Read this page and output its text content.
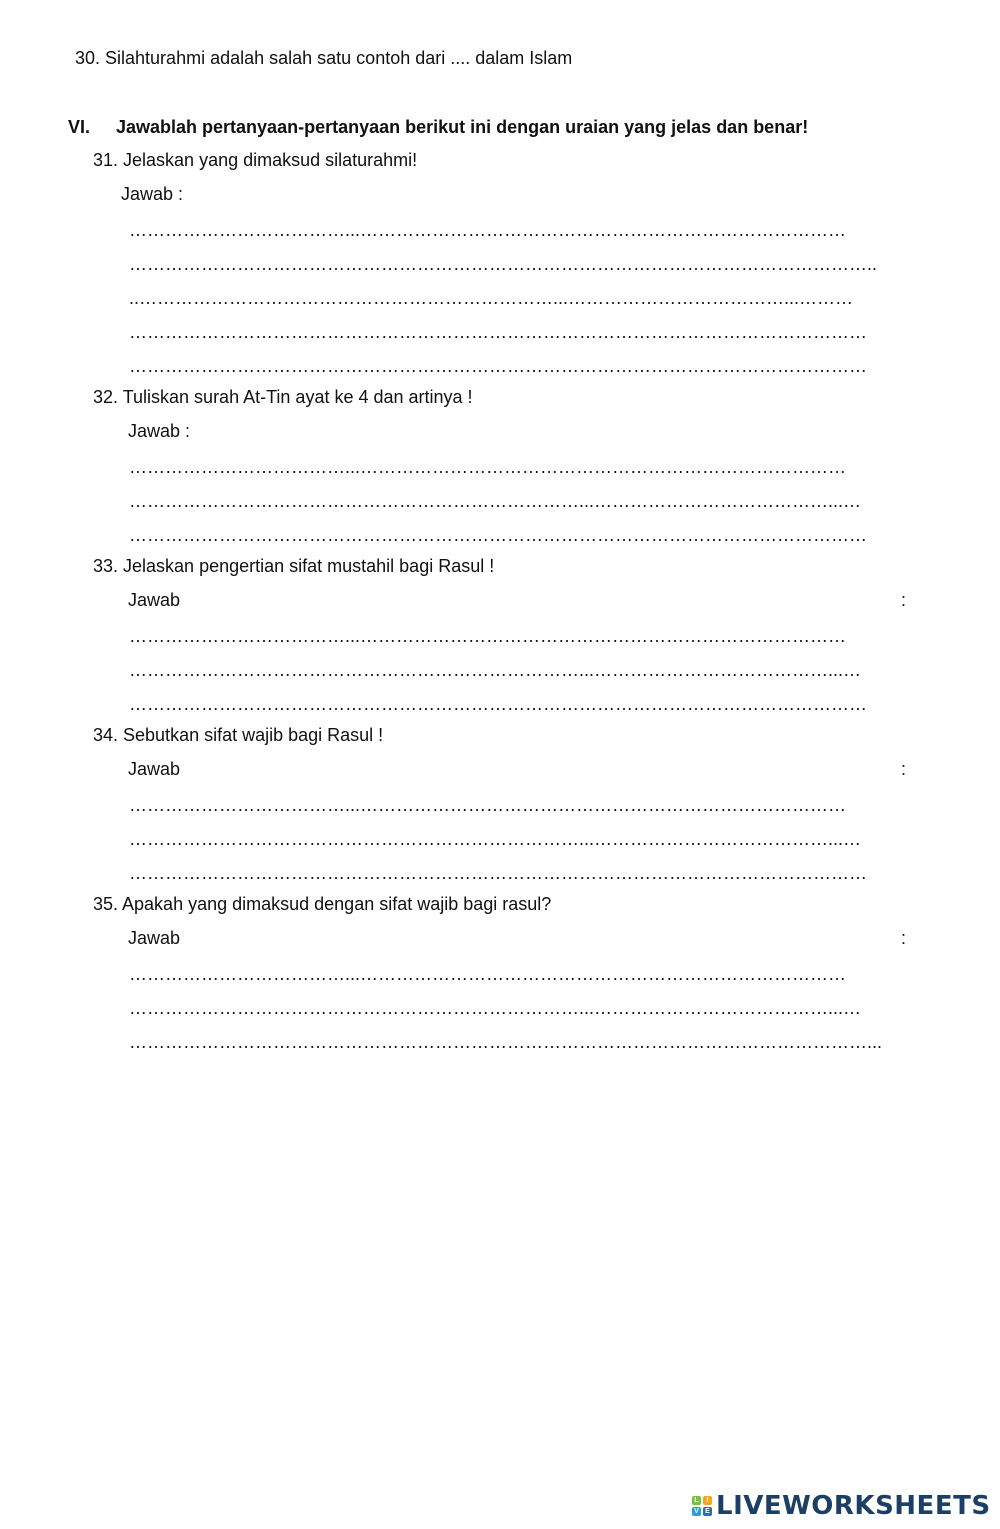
30. Silahturahmi adalah salah satu contoh dari .... dalam Islam
VI. Jawablah pertanyaan-pertanyaan berikut ini dengan uraian yang jelas dan benar!
31. Jelaskan yang dimaksud silaturahmi!
Jawab :
………………………………...………………………………………………………………………
……………………………………………………………………………………………………………..
..……………………………………………………………...………………………………...………
……………………………………………………………………………………………………………
……………………………………………………………………………………………………………
32. Tuliskan surah At-Tin ayat ke 4 dan artinya !
Jawab :
………………………………...………………………………………………………………………
…………………………………………………………………...…………………………………...…
……………………………………………………………………………………………………………
33. Jelaskan pengertian sifat mustahil bagi Rasul !
Jawab	:
………………………………...………………………………………………………………………
…………………………………………………………………...…………………………………...…
……………………………………………………………………………………………………………
34. Sebutkan sifat wajib bagi Rasul !
Jawab	:
………………………………...………………………………………………………………………
…………………………………………………………………...…………………………………...…
……………………………………………………………………………………………………………
35. Apakah yang dimaksud dengan sifat wajib bagi rasul?
Jawab	:
………………………………...………………………………………………………………………
…………………………………………………………………...…………………………………...…
……………………………………………………………………………………………………………...
L	I
V E LIVEWORKSHEETS
